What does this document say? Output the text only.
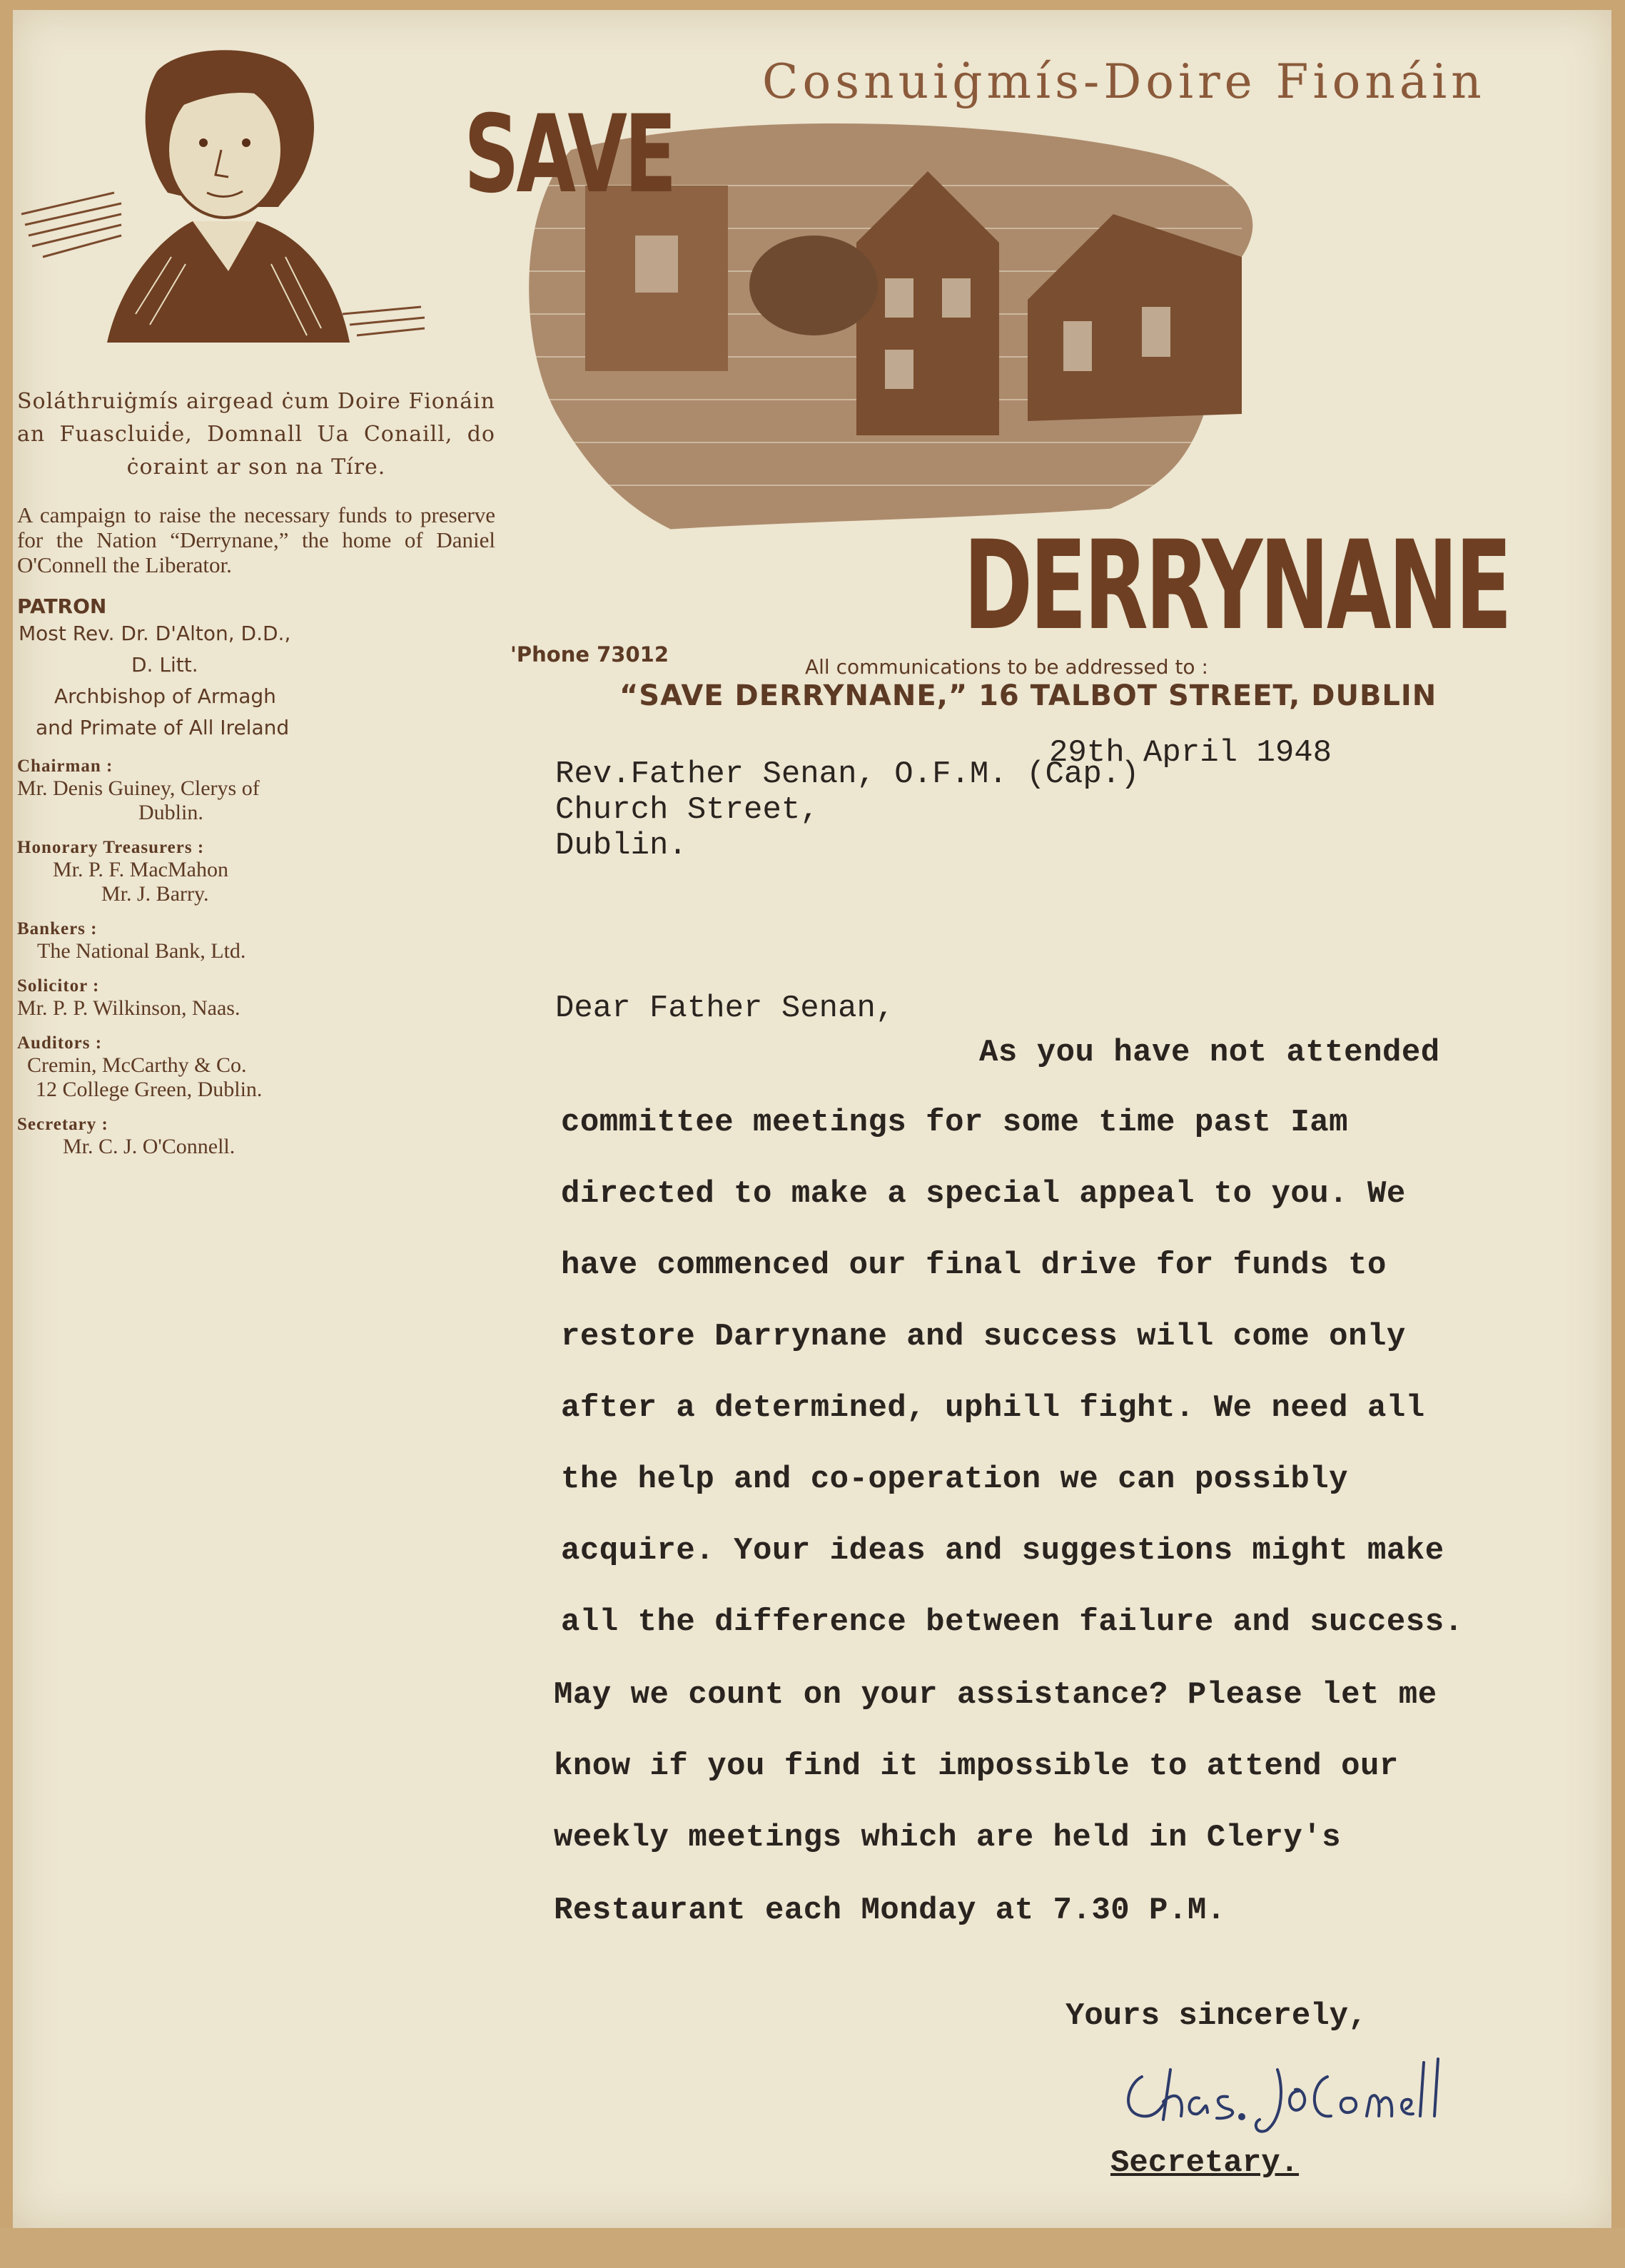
Cosnuiġmís-Doire Fionáin
SAVE
DERRYNANE
'Phone 73012
All communications to be addressed to :
“SAVE DERRYNANE,” 16 TALBOT STREET, DUBLIN
Soláthruiġmís airgead ċum Doire Fionáin an Fuascluiḋe, Domnall Ua Conaill, do ċoraint ar son na Tíre.
A campaign to raise the necessary funds to preserve for the Nation “Derrynane,” the home of Daniel O'Connell the Liberator.
PATRON
Most Rev. Dr. D'Alton, D.D.,
D. Litt.
Archbishop of Armagh
and Primate of All Ireland
Chairman :
Mr. Denis Guiney, Clerys of
Dublin.
Honorary Treasurers :
Mr. P. F. MacMahon
Mr. J. Barry.
Bankers :
The National Bank, Ltd.
Solicitor :
Mr. P. P. Wilkinson, Naas.
Auditors :
Cremin, McCarthy & Co.
12 College Green, Dublin.
Secretary :
Mr. C. J. O'Connell.
29th April 1948
Rev.Father Senan, O.F.M. (Cap.)
Church Street,
Dublin.
Dear Father Senan,
As you have not attended
committee meetings for some time past Iam
directed to make a special appeal to you. We
have commenced our final drive for funds to
restore Darrynane and success will come only
after a determined, uphill fight. We need all
the help and co-operation we can possibly
acquire. Your ideas and suggestions might make
all the difference between failure and success.
May we count on your assistance? Please let me
know if you find it impossible to attend our
weekly meetings which are held in Clery's
Restaurant each Monday at 7.30 P.M.
Yours sincerely,
Secretary.
